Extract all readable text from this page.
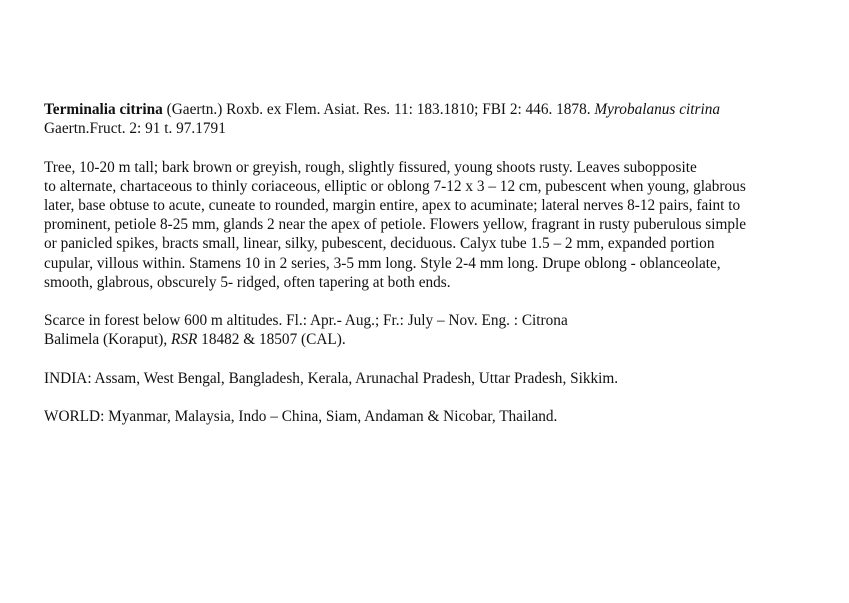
Terminalia citrina (Gaertn.) Roxb. ex Flem. Asiat. Res. 11: 183.1810; FBI 2: 446. 1878. Myrobalanus citrina
Gaertn.Fruct. 2: 91 t. 97.1791

Tree, 10-20 m tall; bark brown or greyish, rough, slightly fissured, young shoots rusty. Leaves subopposite
to alternate, chartaceous to thinly coriaceous, elliptic or oblong 7-12 x 3 – 12 cm, pubescent when young, glabrous
later, base obtuse to acute, cuneate to rounded, margin entire, apex to acuminate; lateral nerves 8-12 pairs, faint to
prominent, petiole 8-25 mm, glands 2 near the apex of petiole. Flowers yellow, fragrant in rusty puberulous simple
or panicled spikes, bracts small, linear, silky, pubescent, deciduous. Calyx tube 1.5 – 2 mm, expanded portion
cupular, villous within. Stamens 10 in 2 series, 3-5 mm long. Style 2-4 mm long. Drupe oblong - oblanceolate,
smooth, glabrous, obscurely 5- ridged, often tapering at both ends.

Scarce in forest below 600 m altitudes. Fl.: Apr.- Aug.; Fr.: July – Nov. Eng. : Citrona
Balimela (Koraput), RSR 18482 & 18507 (CAL).

INDIA: Assam, West Bengal, Bangladesh, Kerala, Arunachal Pradesh, Uttar Pradesh, Sikkim.

WORLD: Myanmar, Malaysia, Indo – China, Siam, Andaman & Nicobar, Thailand.
